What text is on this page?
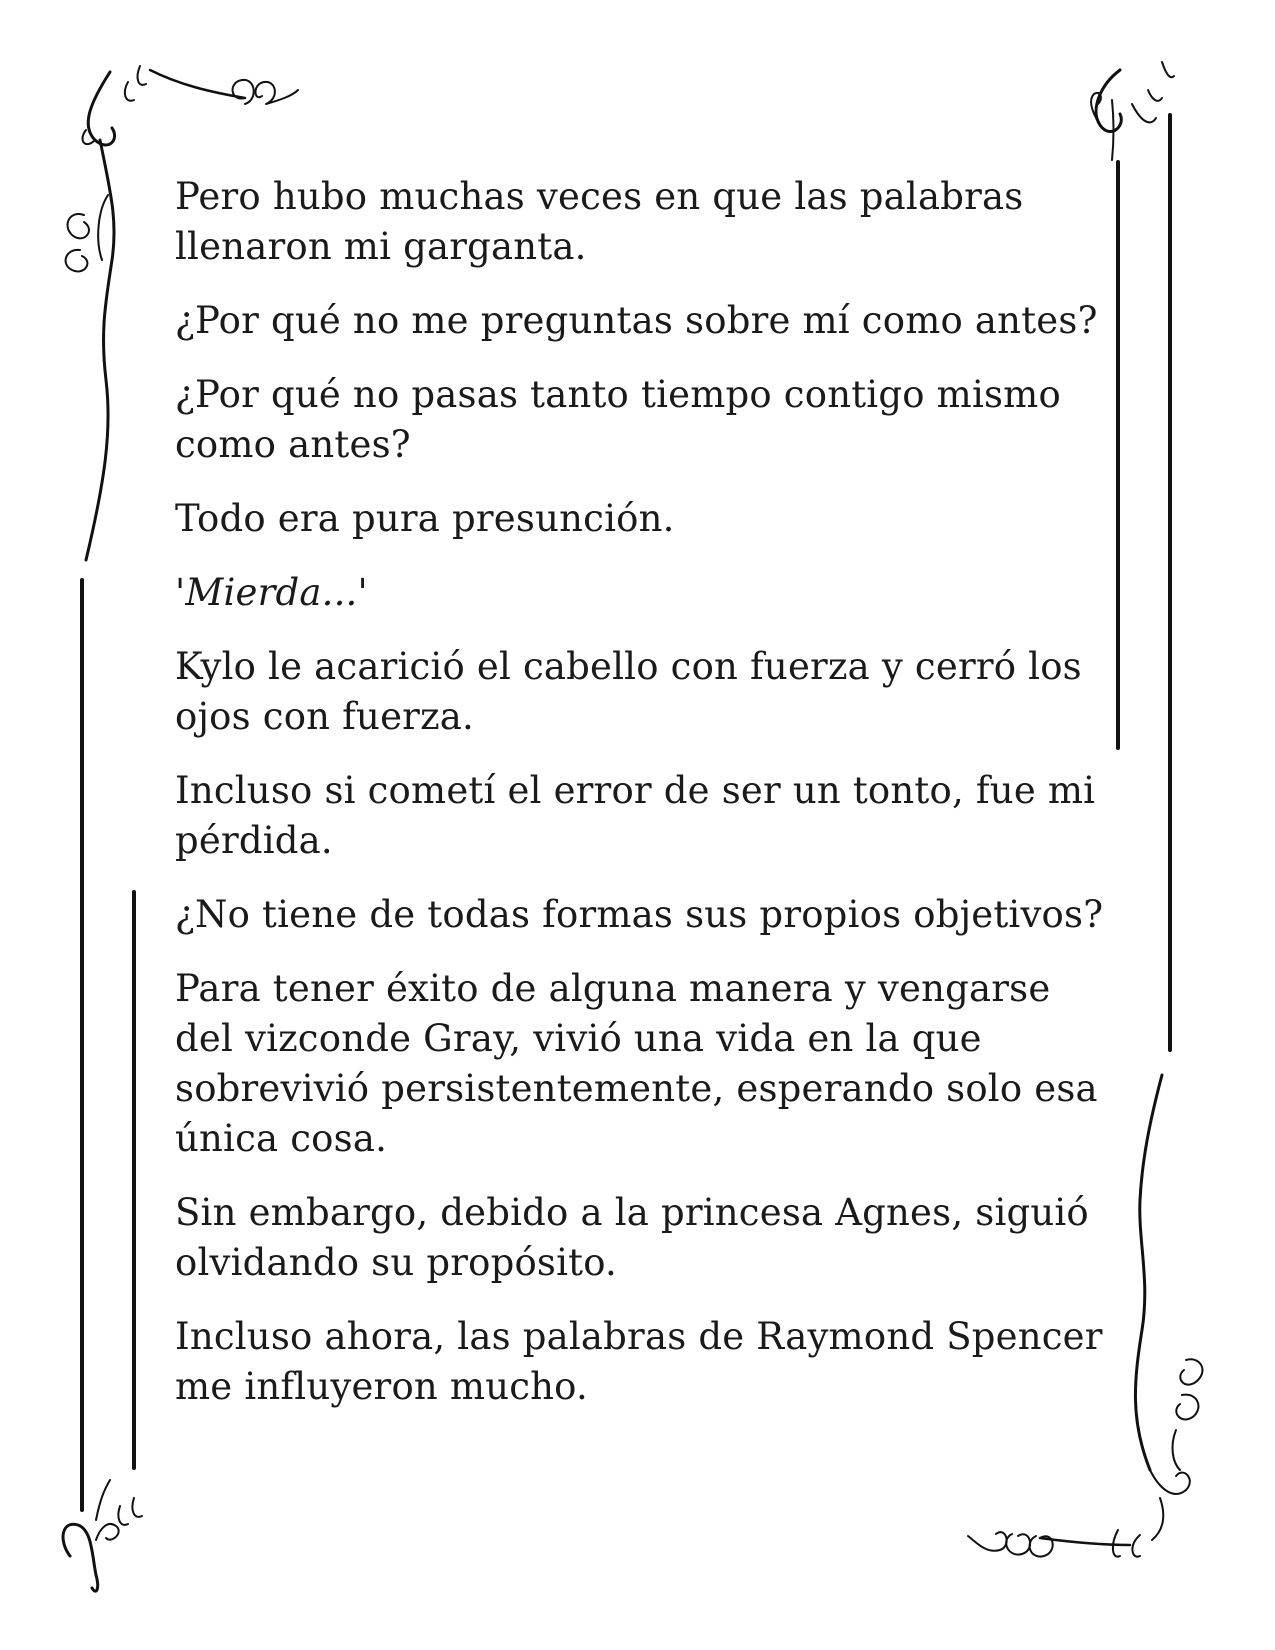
Pero hubo muchas veces en que las palabras llenaron mi garganta.

¿Por qué no me preguntas sobre mí como antes?

¿Por qué no pasas tanto tiempo contigo mismo como antes?

Todo era pura presunción.

'Mierda...'

Kylo le acarició el cabello con fuerza y cerró los ojos con fuerza.

Incluso si cometí el error de ser un tonto, fue mi pérdida.

¿No tiene de todas formas sus propios objetivos?

Para tener éxito de alguna manera y vengarse del vizconde Gray, vivió una vida en la que sobrevivió persistentemente, esperando solo esa única cosa.

Sin embargo, debido a la princesa Agnes, siguió olvidando su propósito.

Incluso ahora, las palabras de Raymond Spencer me influyeron mucho.
